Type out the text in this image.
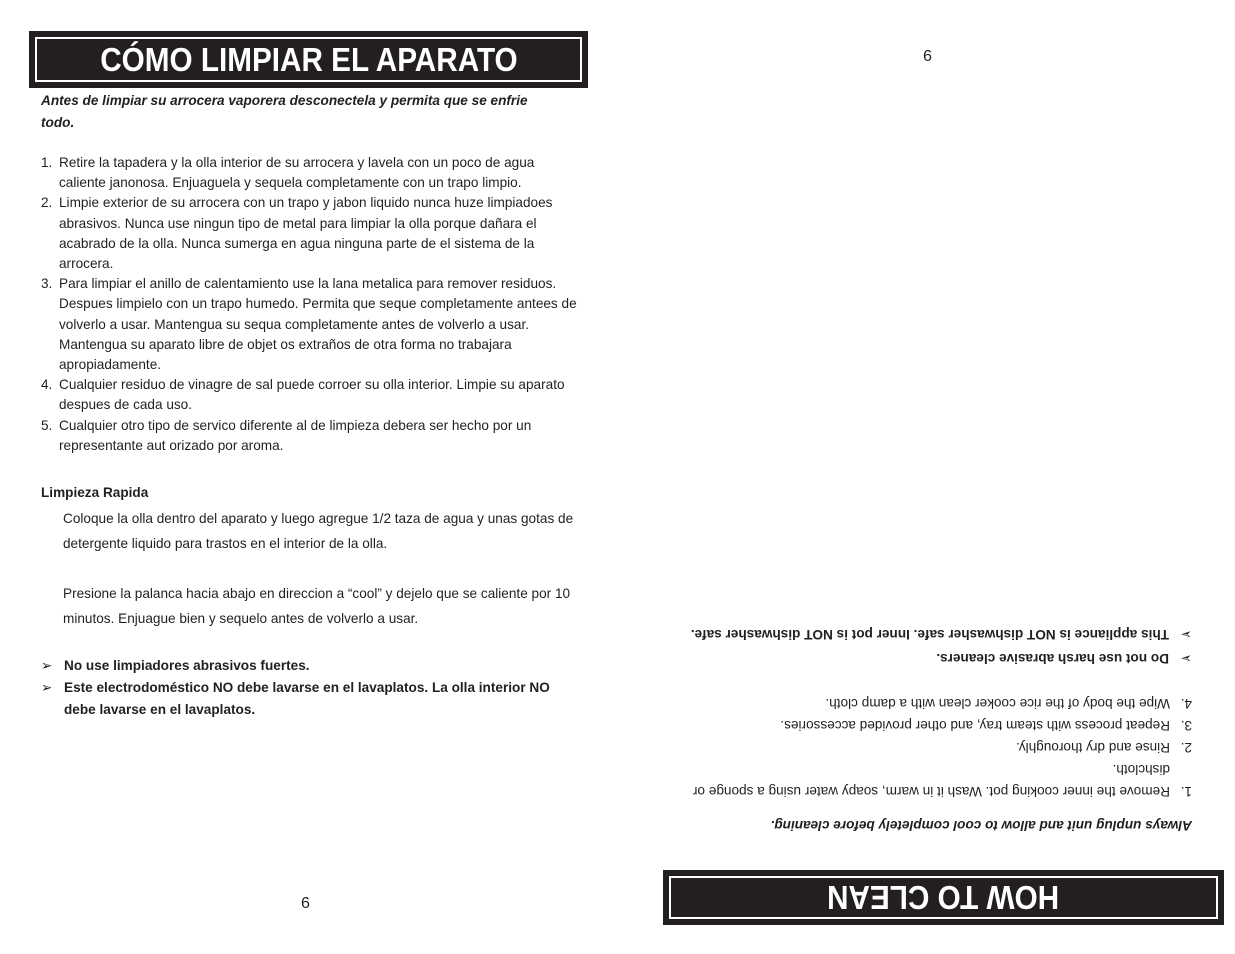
CÓMO LIMPIAR EL APARATO
Antes de limpiar su arrocera vaporera desconectela y permita que se enfrie todo.
1. Retire la tapadera y la olla interior de su arrocera y lavela con un poco de agua caliente janonosa. Enjuaguela y sequela completamente con un trapo limpio.
2. Limpie exterior de su arrocera con un trapo y jabon liquido nunca huze limpiadoes abrasivos. Nunca use ningun tipo de metal para limpiar la olla porque dañara el acabrado de la olla. Nunca sumerga en agua ninguna parte de el sistema de la arrocera.
3. Para limpiar el anillo de calentamiento use la lana metalica para remover residuos. Despues limpielo con un trapo humedo. Permita que seque completamente antees de volverlo a usar. Mantengua su sequa completamente antes de volverlo a usar. Mantengua su aparato libre de objet os extraños de otra forma no trabajara apropiadamente.
4. Cualquier residuo de vinagre de sal puede corroer su olla interior. Limpie su aparato despues de cada uso.
5. Cualquier otro tipo de servico diferente al de limpieza debera ser hecho por un representante aut orizado por aroma.
Limpieza Rapida
Coloque la olla dentro del aparato y luego agregue 1/2 taza de agua y unas gotas de detergente liquido para trastos en el interior de la olla.
Presione la palanca hacia abajo en direccion a “cool” y dejelo que se caliente por 10 minutos. Enjuague bien y sequelo antes de volverlo a usar.
➢ No use limpiadores abrasivos fuertes.
➢ Este electrodoméstico NO debe lavarse en el lavaplatos. La olla interior NO debe lavarse en el lavaplatos.
6	HOW TO CLEAN
Always unplug unit and allow to cool completely before cleaning.
1.
Remove the inner cooking pot. Wash it in warm, soapy water using a sponge or dishcloth.
2.
Rinse and dry thoroughly.
3.
Repeat process with steam tray, and other provided accessories.
4.
Wipe the body of the rice cooker clean with a damp cloth.
➢
Do not use harsh abrasive cleaners.
➢
This appliance is NOT dishwasher safe. Inner pot is NOT dishwasher safe.
9
